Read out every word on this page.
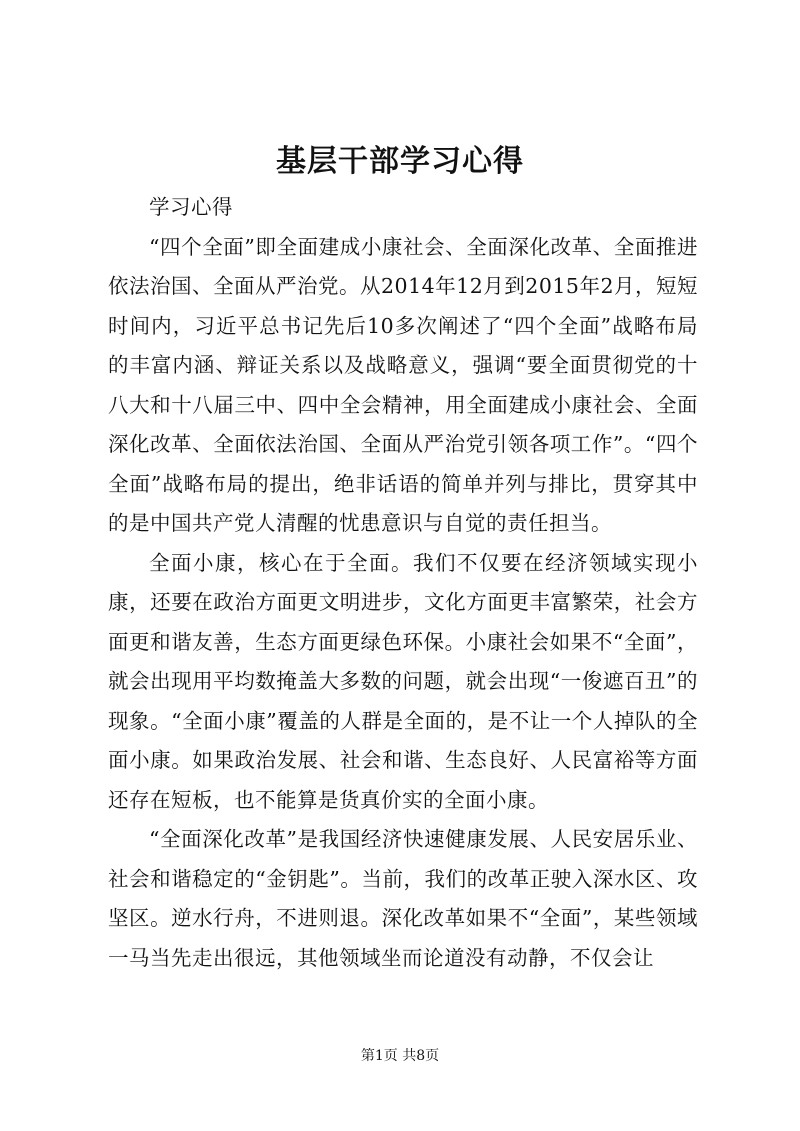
基层干部学习心得

学习心得

“四个全面”即全面建成小康社会、全面深化改革、全面推进依法治国、全面从严治党。从2014年12月到2015年2月，短短时间内，习近平总书记先后10多次阐述了“四个全面”战略布局的丰富内涵、辩证关系以及战略意义，强调“要全面贯彻党的十八大和十八届三中、四中全会精神，用全面建成小康社会、全面深化改革、全面依法治国、全面从严治党引领各项工作”。“四个全面”战略布局的提出，绝非话语的简单并列与排比，贯穿其中的是中国共产党人清醒的忧患意识与自觉的责任担当。

全面小康，核心在于全面。我们不仅要在经济领域实现小康，还要在政治方面更文明进步，文化方面更丰富繁荣，社会方面更和谐友善，生态方面更绿色环保。小康社会如果不“全面”，就会出现用平均数掩盖大多数的问题，就会出现“一俊遮百丑”的现象。“全面小康”覆盖的人群是全面的，是不让一个人掉队的全面小康。如果政治发展、社会和谐、生态良好、人民富裕等方面还存在短板，也不能算是货真价实的全面小康。

“全面深化改革”是我国经济快速健康发展、人民安居乐业、社会和谐稳定的“金钥匙”。当前，我们的改革正驶入深水区、攻坚区。逆水行舟，不进则退。深化改革如果不“全面”，某些领域一马当先走出很远，其他领域坐而论道没有动静，不仅会让

第1页 共8页
